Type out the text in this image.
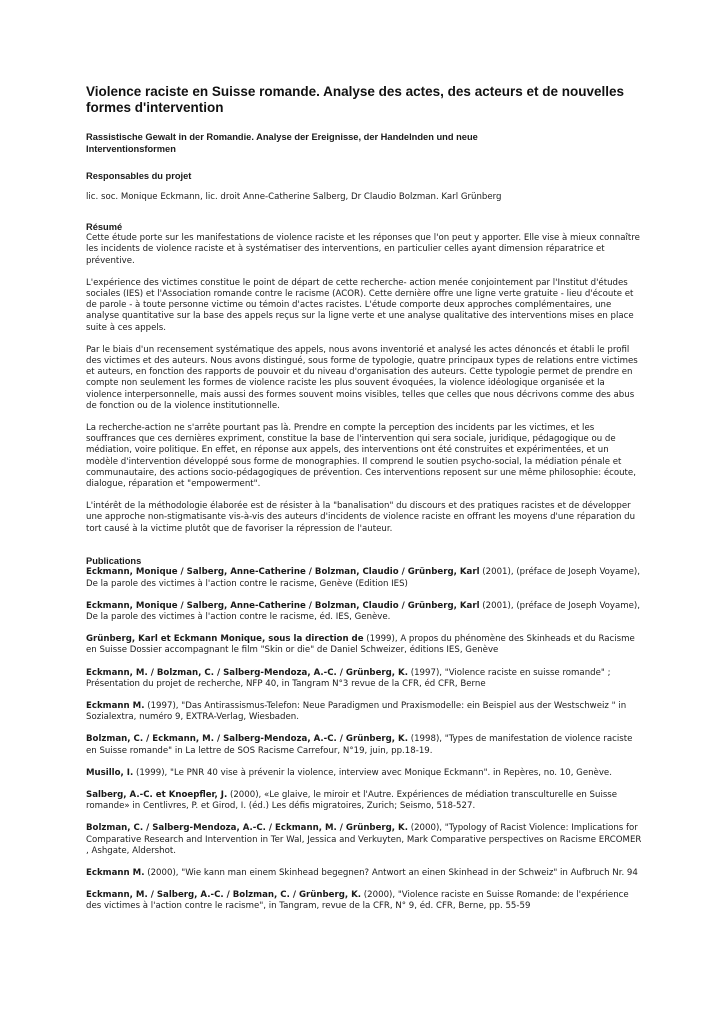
Violence raciste en Suisse romande. Analyse des actes, des acteurs et de nouvelles formes d'intervention
Rassistische Gewalt in der Romandie. Analyse der Ereignisse, der Handelnden und neue Interventionsformen
Responsables du projet
lic. soc. Monique Eckmann, lic. droit Anne-Catherine Salberg, Dr Claudio Bolzman. Karl Grünberg
Résumé

Cette étude porte sur les manifestations de violence raciste et les réponses que l'on peut y apporter. Elle vise à mieux connaître les incidents de violence raciste et à systématiser des interventions, en particulier celles ayant dimension réparatrice et préventive.

L'expérience des victimes constitue le point de départ de cette recherche- action menée conjointement par l'Institut d'études sociales (IES) et l'Association romande contre le racisme (ACOR). Cette dernière offre une ligne verte gratuite - lieu d'écoute et de parole - à toute personne victime ou témoin d'actes racistes. L'étude comporte deux approches complémentaires, une analyse quantitative sur la base des appels reçus sur la ligne verte et une analyse qualitative des interventions mises en place suite à ces appels.

Par le biais d'un recensement systématique des appels, nous avons inventorié et analysé les actes dénoncés et établi le profil des victimes et des auteurs. Nous avons distingué, sous forme de typologie, quatre principaux types de relations entre victimes et auteurs, en fonction des rapports de pouvoir et du niveau d'organisation des auteurs. Cette typologie permet de prendre en compte non seulement les formes de violence raciste les plus souvent évoquées, la violence idéologique organisée et la violence interpersonnelle, mais aussi des formes souvent moins visibles, telles que celles que nous décrivons comme des abus de fonction ou de la violence institutionnelle.

La recherche-action ne s'arrête pourtant pas là. Prendre en compte la perception des incidents par les victimes, et les souffrances que ces dernières expriment, constitue la base de l'intervention qui sera sociale, juridique, pédagogique ou de médiation, voire politique. En effet, en réponse aux appels, des interventions ont été construites et expérimentées, et un modèle d'intervention développé sous forme de monographies. Il comprend le soutien psycho-social, la médiation pénale et communautaire, des actions socio-pédagogiques de prévention. Ces interventions reposent sur une même philosophie: écoute, dialogue, réparation et "empowerment".

L'intérêt de la méthodologie élaborée est de résister à la "banalisation" du discours et des pratiques racistes et de développer une approche non-stigmatisante vis-à-vis des auteurs d'incidents de violence raciste en offrant les moyens d'une réparation du tort causé à la victime plutôt que de favoriser la répression de l'auteur.

Publications
Eckmann, Monique / Salberg, Anne-Catherine / Bolzman, Claudio / Grünberg, Karl (2001), (préface de Joseph Voyame), De la parole des victimes à l'action contre le racisme, Genève (Edition IES)
Eckmann, Monique / Salberg, Anne-Catherine / Bolzman, Claudio / Grünberg, Karl (2001), (préface de Joseph Voyame), De la parole des victimes à l'action contre le racisme, éd. IES, Genève.
Grünberg, Karl et Eckmann Monique, sous la direction de (1999), A propos du phénomène des Skinheads et du Racisme en Suisse Dossier accompagnant le film "Skin or die" de Daniel Schweizer, éditions IES, Genève
Eckmann, M. / Bolzman, C. / Salberg-Mendoza, A.-C. / Grünberg, K. (1997), "Violence raciste en suisse romande" ; Présentation du projet de recherche, NFP 40, in Tangram N°3 revue de la CFR, éd CFR, Berne
Eckmann M. (1997), "Das Antirassismus-Telefon: Neue Paradigmen und Praxismodelle: ein Beispiel aus der Westschweiz " in Sozialextra, numéro 9, EXTRA-Verlag, Wiesbaden.
Bolzman, C. / Eckmann, M. / Salberg-Mendoza, A.-C. / Grünberg, K. (1998), "Types de manifestation de violence raciste en Suisse romande" in La lettre de SOS Racisme Carrefour, N°19, juin, pp.18-19.
Musillo, I. (1999), "Le PNR 40 vise à prévenir la violence, interview avec Monique Eckmann". in Repères, no. 10, Genève.
Salberg, A.-C. et Knoepfler, J. (2000), «Le glaive, le miroir et l'Autre. Expériences de médiation transculturelle en Suisse romande» in Centlivres, P. et Girod, I. (éd.) Les défis migratoires, Zurich; Seismo, 518-527.
Bolzman, C. / Salberg-Mendoza, A.-C. / Eckmann, M. / Grünberg, K. (2000), "Typology of Racist Violence: Implications for Comparative Research and Intervention in Ter Wal, Jessica and Verkuyten, Mark Comparative perspectives on Racisme ERCOMER , Ashgate, Aldershot.
Eckmann M. (2000), "Wie kann man einem Skinhead begegnen? Antwort an einen Skinhead in der Schweiz" in Aufbruch Nr. 94
Eckmann, M. / Salberg, A.-C. / Bolzman, C. / Grünberg, K. (2000), "Violence raciste en Suisse Romande: de l'expérience des victimes à l'action contre le racisme", in Tangram, revue de la CFR, N° 9, éd. CFR, Berne, pp. 55-59
